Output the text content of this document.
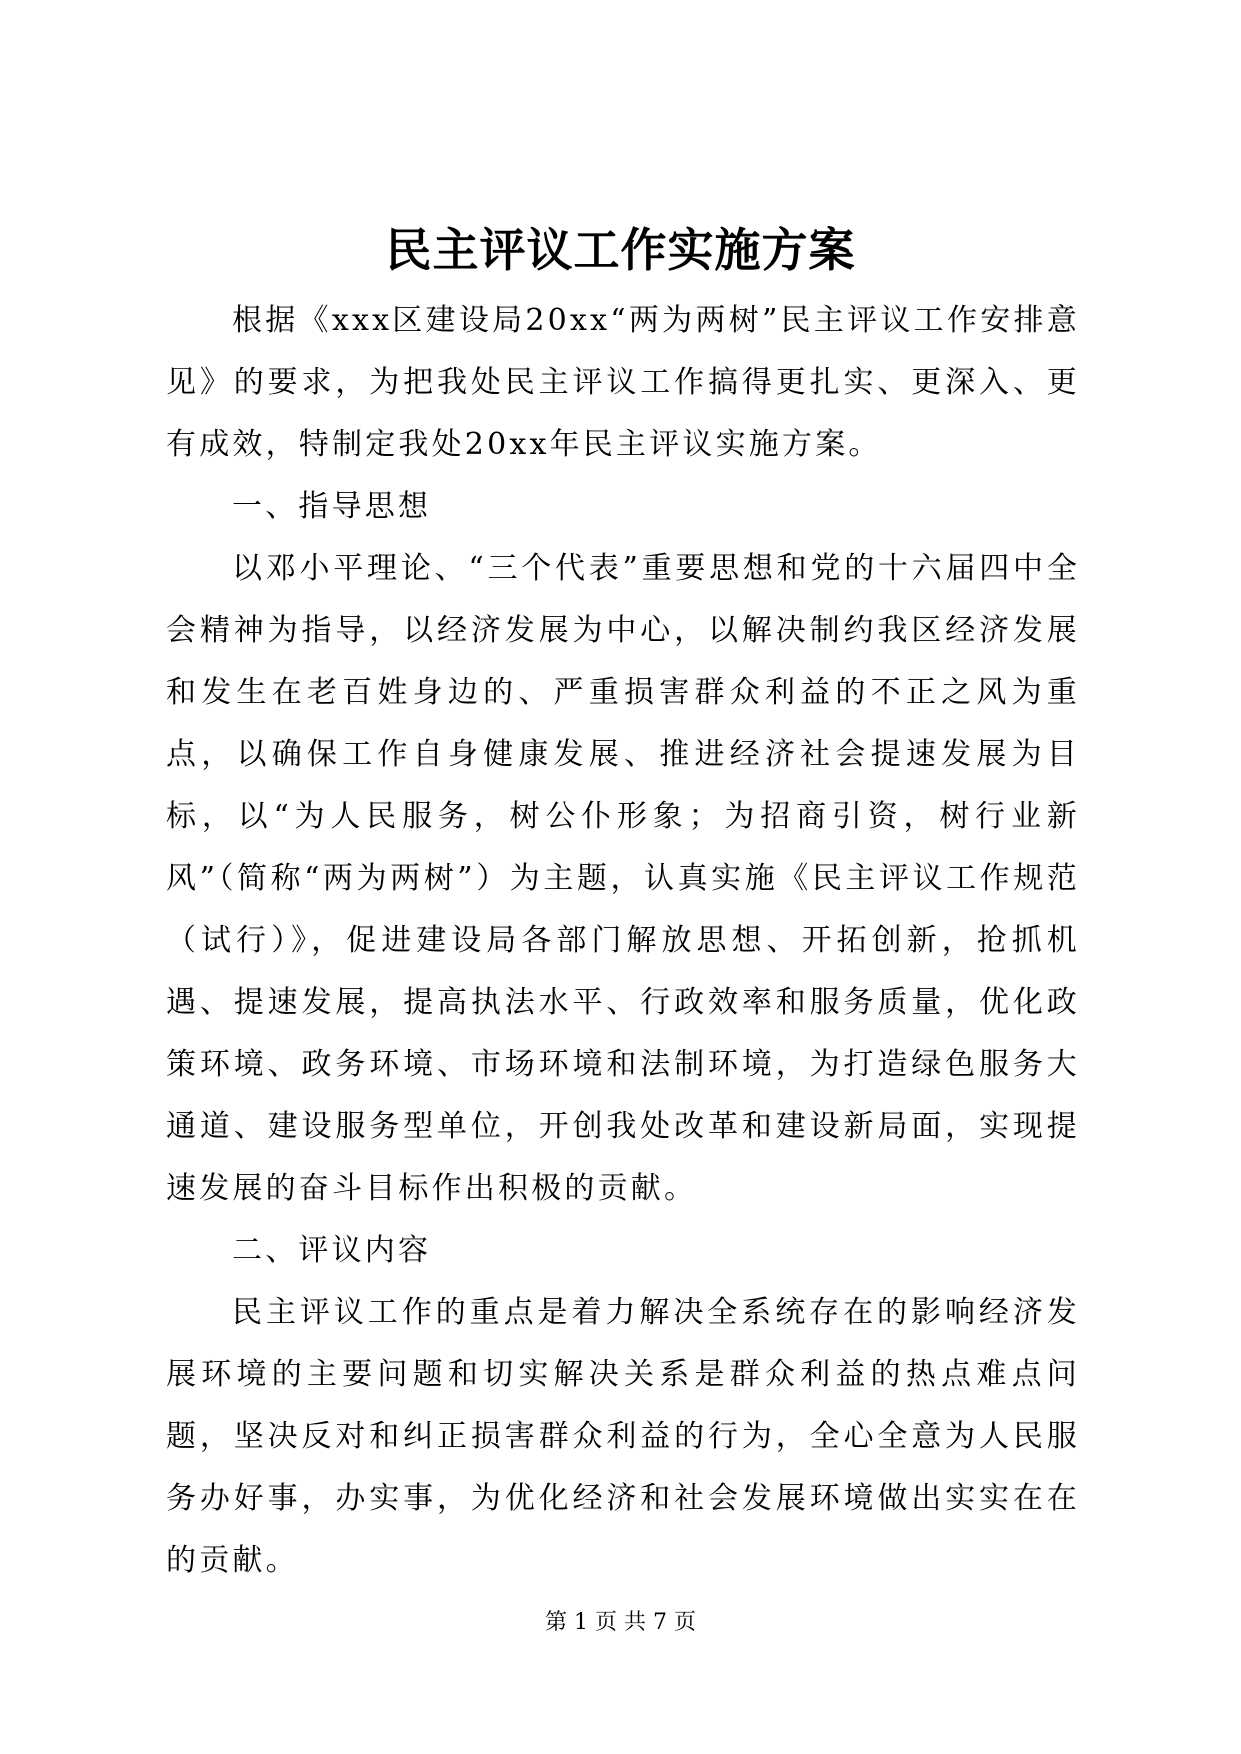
民主评议工作实施方案

根据《xxx区建设局20xx“两为两树”民主评议工作安排意见》的要求，为把我处民主评议工作搞得更扎实、更深入、更有成效，特制定我处20xx年民主评议实施方案。

一、指导思想

以邓小平理论、“三个代表”重要思想和党的十六届四中全会精神为指导，以经济发展为中心，以解决制约我区经济发展和发生在老百姓身边的、严重损害群众利益的不正之风为重点，以确保工作自身健康发展、推进经济社会提速发展为目标，以“为人民服务，树公仆形象；为招商引资，树行业新风”（简称“两为两树”）为主题，认真实施《民主评议工作规范（试行）》，促进建设局各部门解放思想、开拓创新，抢抓机遇、提速发展，提高执法水平、行政效率和服务质量，优化政策环境、政务环境、市场环境和法制环境，为打造绿色服务大通道、建设服务型单位，开创我处改革和建设新局面，实现提速发展的奋斗目标作出积极的贡献。

二、评议内容

民主评议工作的重点是着力解决全系统存在的影响经济发展环境的主要问题和切实解决关系是群众利益的热点难点问题，坚决反对和纠正损害群众利益的行为，全心全意为人民服务办好事，办实事，为优化经济和社会发展环境做出实实在在的贡献。

第 1 页 共 7 页
